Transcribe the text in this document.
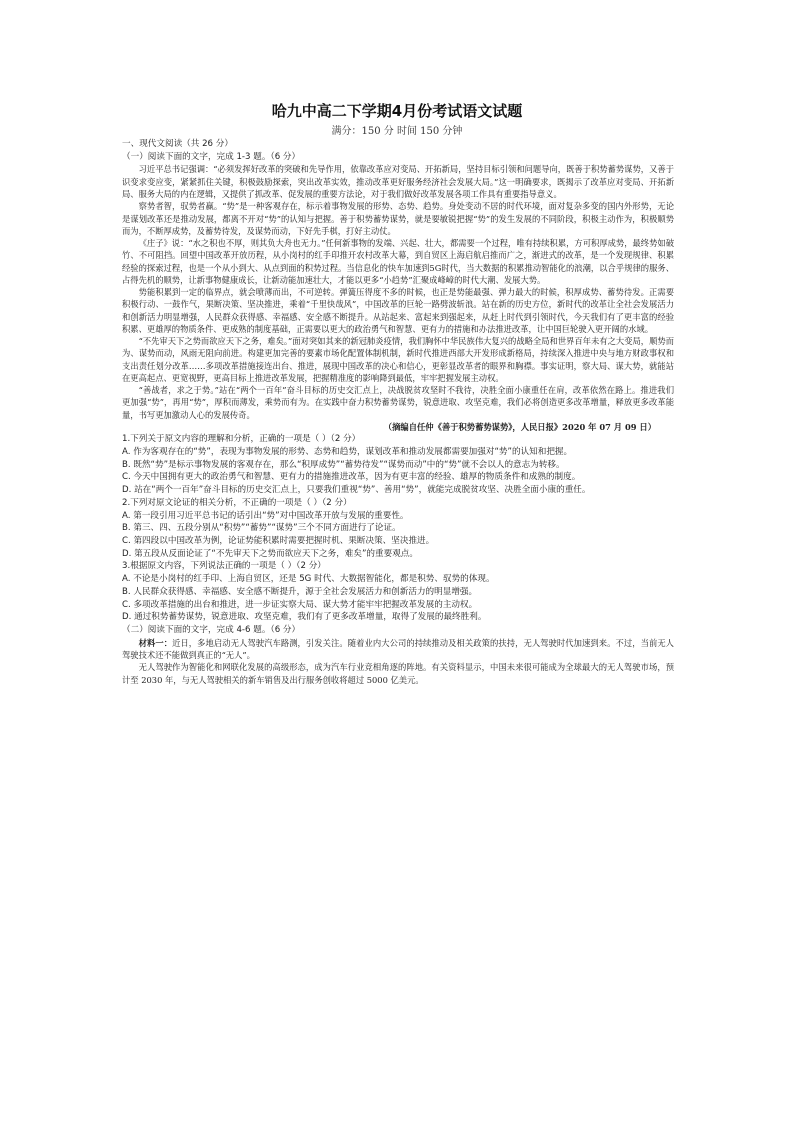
哈九中高二下学期4月份考试语文试题
满分：150 分 时间 150 分钟

一、现代文阅读（共 26 分）

（一）阅读下面的文字，完成 1-3 题。（6 分）

习近平总书记强调：“必须发挥好改革的突破和先导作用，依靠改革应对变局、开拓新局，坚持目标引领和问题导向，既善于积势蓄势谋势，又善于识变求变应变，紧紧抓住关键，积极鼓励探索，突出改革实效，推动改革更好服务经济社会发展大局。”这一明确要求，既揭示了改革应对变局、开拓新局、服务大局的内在逻辑，又提供了抓改革、促发展的重要方法论，对于我们做好改革发展各项工作具有重要指导意义。

察势者智，驭势者赢。“势”是一种客观存在，标示着事物发展的形势、态势、趋势。身处变动不居的时代环境，面对复杂多变的国内外形势，无论是谋划改革还是推动发展，都离不开对“势”的认知与把握。善于积势蓄势谋势，就是要敏锐把握“势”的发生发展的不同阶段，积极主动作为，积极顺势而为，不断厚成势，及蓄势待发，及谋势而动，下好先手棋，打好主动仗。

《庄子》说：“水之积也不厚，则其负大舟也无力。”任何新事物的发端、兴起、壮大，都需要一个过程，唯有持续积累，方可积厚成势，最终势如破竹、不可阻挡。回望中国改革开放历程，从小岗村的红手印推开农村改革大幕，到自贸区上海启航启推而广之，渐进式的改革，是一个发现规律、积累经验的探索过程，也是一个从小到大、从点到面的积势过程。当信息化的快车加速到5G时代，当大数据的积累推动智能化的浪潮，以合乎规律的服务、占得先机的顺势，让新事物健康成长，让新动能加速壮大，才能以更多“小趋势”汇聚成峰嶂的时代大潮、发展大势。

势能积累到一定的临界点，就会喷薄而出，不可逆转。弹簧压得度不多的时候，也正是势能最强、弹力最大的时候，积厚成势、蓄势待发。正需要积极行动、一鼓作气，果断决策、坚决推进，乘着“千里快哉风”，中国改革的巨轮一路劈波斩浪。站在新的历史方位，新时代的改革让全社会发展活力和创新活力明显增强，人民群众获得感、幸福感、安全感不断提升。从站起来、富起来到强起来，从赶上时代到引领时代，今天我们有了更丰富的经验积累、更雄厚的物质条件、更成熟的制度基础，正需要以更大的政治勇气和智慧、更有力的措施和办法推进改革，让中国巨轮驶入更开阔的水域。

“不先审天下之势而欲应天下之务，难矣。”面对突如其来的新冠肺炎疫情，我们胸怀中华民族伟大复兴的战略全局和世界百年未有之大变局，顺势而为、谋势而动，风雨无阻向前进。构建更加完善的要素市场化配置体制机制，新时代推进西部大开发形成新格局，持续深入推进中央与地方财政事权和支出责任划分改革……多项改革措施接连出台、推进，展现中国改革的决心和信心，更彰显改革者的眼界和胸襟。事实证明，察大局、谋大势，就能站在更高起点、更宽视野，更高目标上推进改革发展，把握精准度的影响降到最低，牢牢把握发展主动权。

“善战者，求之于势。”站在“两个一百年”奋斗目标的历史交汇点上，决战脱贫攻坚时不我待，决胜全面小康重任在肩，改革依然在路上。推进我们更加强“势”，再用“势”，厚积而薄发，乘势而有为。在实践中奋力积势蓄势谋势，锐意进取、攻坚克难，我们必将创造更多改革增量，释放更多改革能量，书写更加激动人心的发展传奇。

（摘编自任仲《善于积势蓄势谋势》，人民日报》2020 年 07 月 09 日）

1.下列关于原文内容的理解和分析，正确的一项是（ ）（2 分）

A. 作为客观存在的“势”，表现为事物发展的形势、态势和趋势，谋划改革和推动发展都需要加强对“势”的认知和把握。

B. 既然“势”是标示事物发展的客观存在，那么“积厚成势”“蓄势待发”“谋势而动”中的“势”就不会以人的意志为转移。

C. 今天中国拥有更大的政治勇气和智慧、更有力的措施推进改革，因为有更丰富的经验、雄厚的物质条件和成熟的制度。

D. 站在“两个一百年”奋斗目标的历史交汇点上，只要我们重视“势”、善用“势”，就能完成脱贫攻坚、决胜全面小康的重任。

2.下列对原文论证的相关分析，不正确的一项是（ ）（2 分）

A. 第一段引用习近平总书记的话引出“势”对中国改革开放与发展的重要性。

B. 第三、四、五段分别从“积势”“蓄势”“谋势”三个不同方面进行了论证。

C. 第四段以中国改革为例，论证势能积累时需要把握时机、果断决策、坚决推进。

D. 第五段从反面论证了“不先审天下之势而欲应天下之务，难矣”的重要观点。

3.根据原文内容，下列说法正确的一项是（ ）（2 分）

A. 不论是小岗村的红手印、上海自贸区，还是 5G 时代、大数据智能化，都是积势、驭势的体现。

B. 人民群众获得感、幸福感、安全感不断提升，源于全社会发展活力和创新活力的明显增强。

C. 多项改革措施的出台和推进，进一步证实察大局、谋大势才能牢牢把握改革发展的主动权。

D. 通过积势蓄势谋势，锐意进取、攻坚克难，我们有了更多改革增量，取得了发展的最终胜利。

（二）阅读下面的文字，完成 4-6 题。（6 分）

材料一：近日，多地启动无人驾驶汽车路测，引发关注。随着业内大公司的持续推动及相关政策的扶持，无人驾驶时代加速到来。不过，当前无人驾驶技术还不能做到真正的“无人”。

无人驾驶作为智能化和网联化发展的高级形态，成为汽车行业竞相角逐的阵地。有关资料显示，中国未来很可能成为全球最大的无人驾驶市场，预计至 2030 年，与无人驾驶相关的新车销售及出行服务创收将超过 5000 亿美元。
